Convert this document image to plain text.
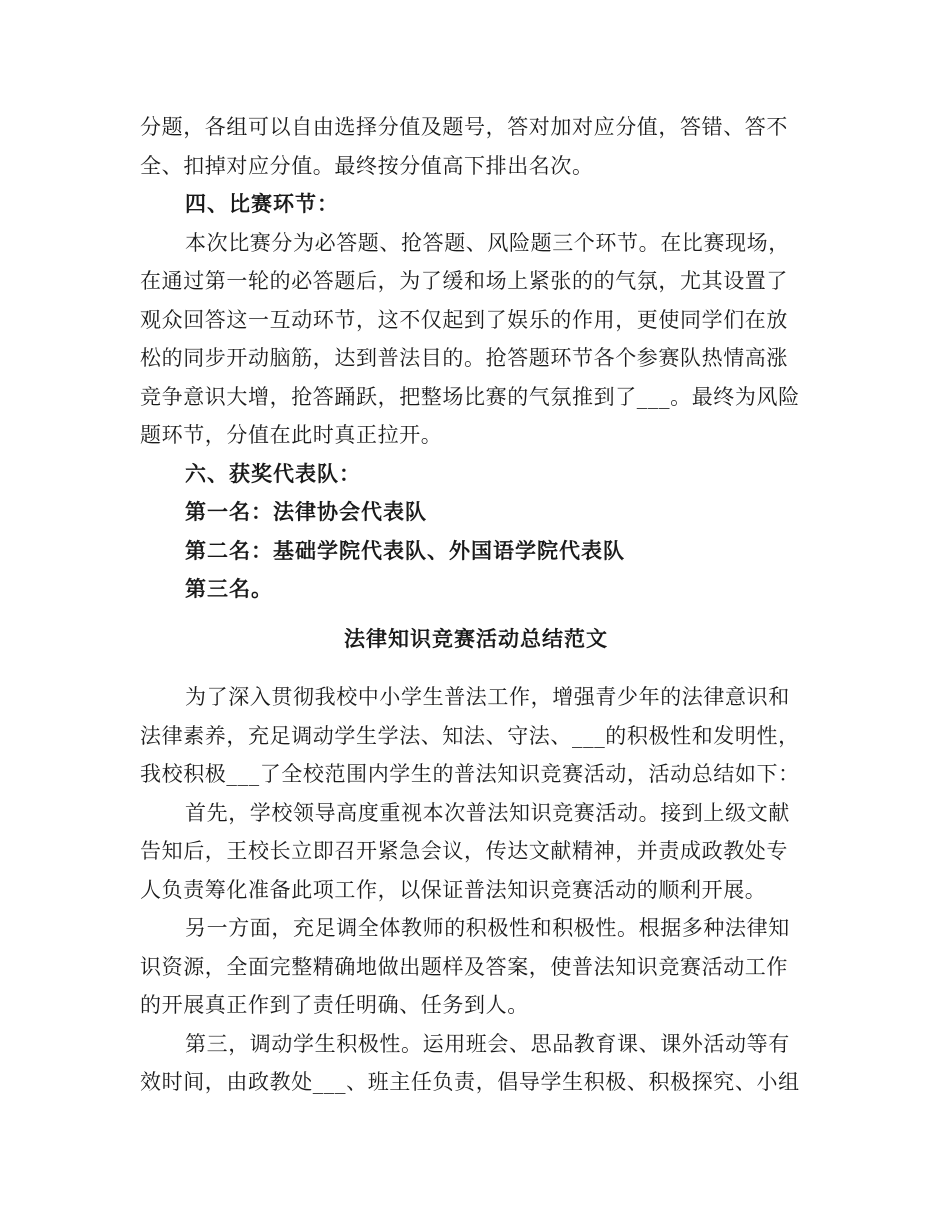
分题，各组可以自由选择分值及题号，答对加对应分值，答错、答不
全、扣掉对应分值。最终按分值高下排出名次。
四、比赛环节：
本次比赛分为必答题、抢答题、风险题三个环节。在比赛现场，
在通过第一轮的必答题后，为了缓和场上紧张的的气氛，尤其设置了
观众回答这一互动环节，这不仅起到了娱乐的作用，更使同学们在放
松的同步开动脑筋，达到普法目的。抢答题环节各个参赛队热情高涨
竞争意识大增，抢答踊跃，把整场比赛的气氛推到了___。最终为风险
题环节，分值在此时真正拉开。
六、获奖代表队：
第一名：法律协会代表队
第二名：基础学院代表队、外国语学院代表队
第三名。
法律知识竞赛活动总结范文
为了深入贯彻我校中小学生普法工作，增强青少年的法律意识和
法律素养，充足调动学生学法、知法、守法、___的积极性和发明性，
我校积极___了全校范围内学生的普法知识竞赛活动，活动总结如下：
首先，学校领导高度重视本次普法知识竞赛活动。接到上级文献
告知后，王校长立即召开紧急会议，传达文献精神，并责成政教处专
人负责筹化准备此项工作，以保证普法知识竞赛活动的顺利开展。
另一方面，充足调全体教师的积极性和积极性。根据多种法律知
识资源，全面完整精确地做出题样及答案，使普法知识竞赛活动工作
的开展真正作到了责任明确、任务到人。
第三，调动学生积极性。运用班会、思品教育课、课外活动等有
效时间，由政教处___、班主任负责，倡导学生积极、积极探究、小组
